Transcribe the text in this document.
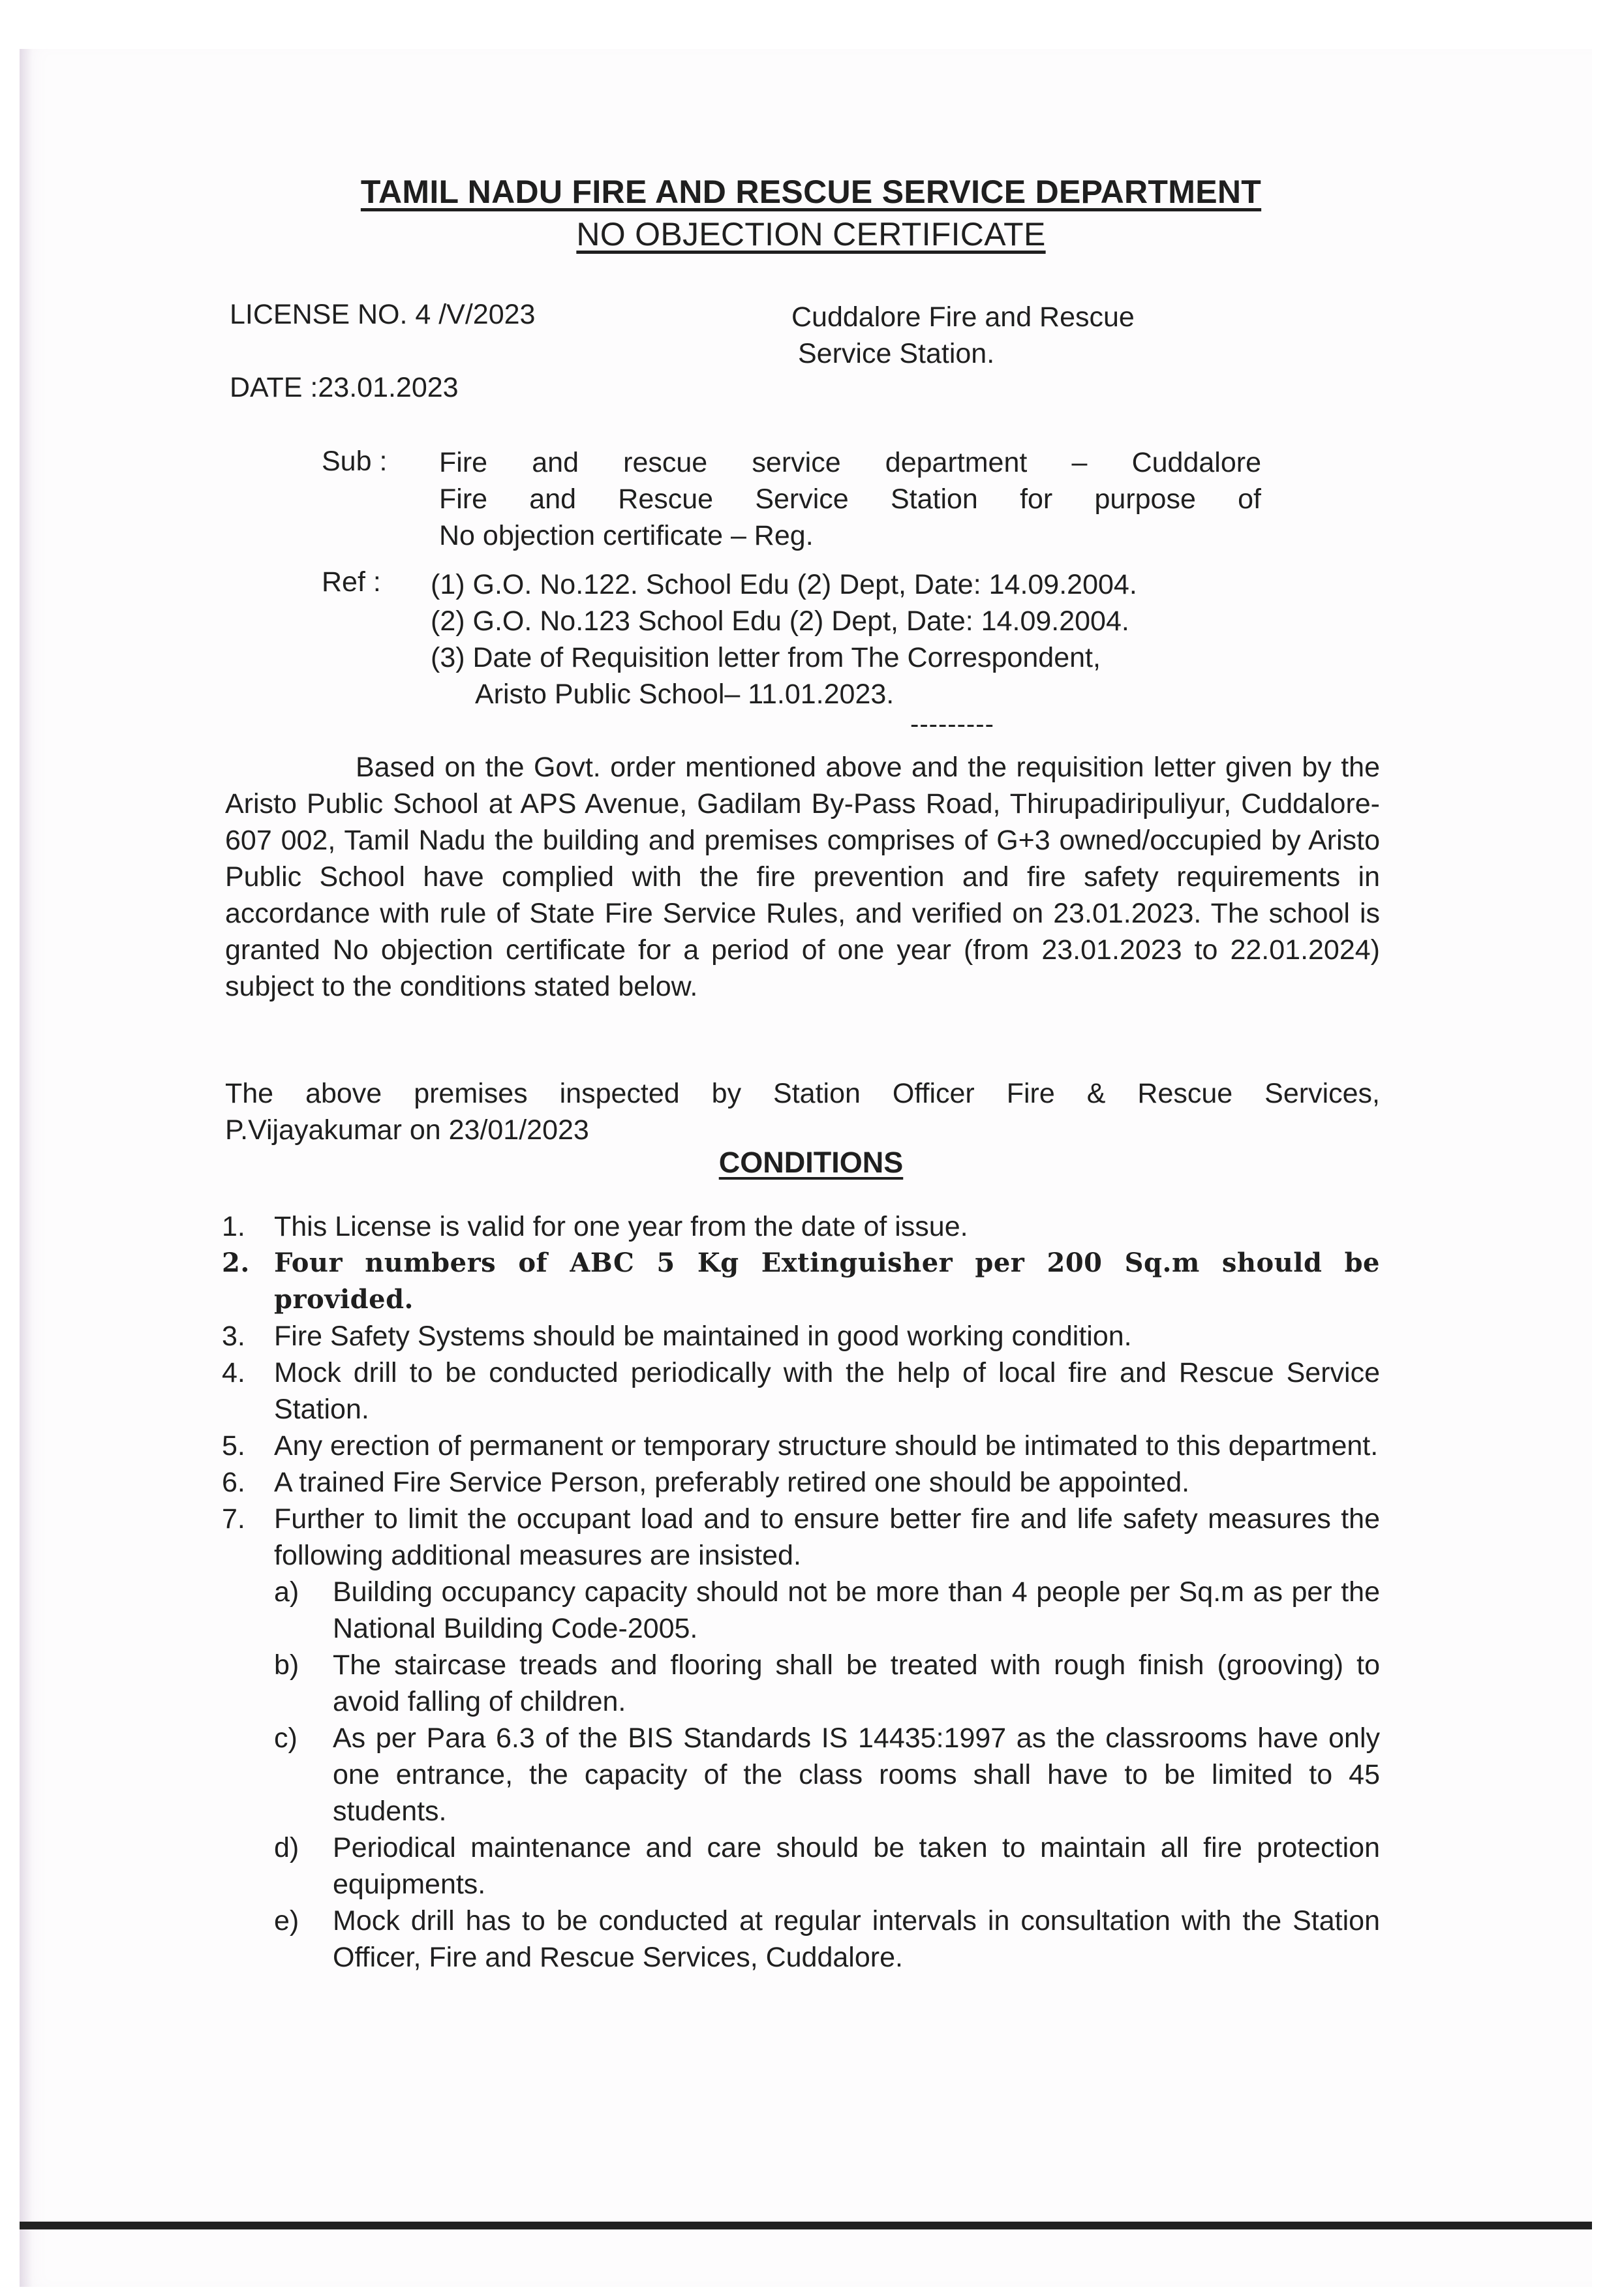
TAMIL NADU FIRE AND RESCUE SERVICE DEPARTMENT
NO OBJECTION CERTIFICATE
LICENSE NO. 4 /V/2023	Cuddalore Fire and Rescue
Service Station.
DATE :23.01.2023
Sub : Fire and rescue service department – Cuddalore
Fire and Rescue Service Station for purpose of
No objection certificate – Reg.
Ref : (1) G.O. No.122. School Edu (2) Dept, Date: 14.09.2004.
(2) G.O. No.123 School Edu (2) Dept, Date: 14.09.2004.
(3) Date of Requisition letter from The Correspondent,
Aristo Public School– 11.01.2023.
---------
Based on the Govt. order mentioned above and the requisition letter given by the Aristo Public School at APS Avenue, Gadilam By-Pass Road, Thirupadiripuliyur, Cuddalore- 607 002, Tamil Nadu the building and premises comprises of G+3 owned/occupied by Aristo Public School have complied with the fire prevention and fire safety requirements in accordance with rule of State Fire Service Rules, and verified on 23.01.2023. The school is granted No objection certificate for a period of one year (from 23.01.2023 to 22.01.2024) subject to the conditions stated below.
The above premises inspected by Station Officer Fire & Rescue Services,
P.Vijayakumar on 23/01/2023
CONDITIONS
1. This License is valid for one year from the date of issue.
2. Four numbers of ABC 5 Kg Extinguisher per 200 Sq.m should be provided.
3. Fire Safety Systems should be maintained in good working condition.
4. Mock drill to be conducted periodically with the help of local fire and Rescue Service Station.
5. Any erection of permanent or temporary structure should be intimated to this department.
6. A trained Fire Service Person, preferably retired one should be appointed.
7. Further to limit the occupant load and to ensure better fire and life safety measures the following additional measures are insisted.
a) Building occupancy capacity should not be more than 4 people per Sq.m as per the National Building Code-2005.
b) The staircase treads and flooring shall be treated with rough finish (grooving) to avoid falling of children.
c) As per Para 6.3 of the BIS Standards IS 14435:1997 as the classrooms have only one entrance, the capacity of the class rooms shall have to be limited to 45 students.
d) Periodical maintenance and care should be taken to maintain all fire protection equipments.
e) Mock drill has to be conducted at regular intervals in consultation with the Station Officer, Fire and Rescue Services, Cuddalore.
